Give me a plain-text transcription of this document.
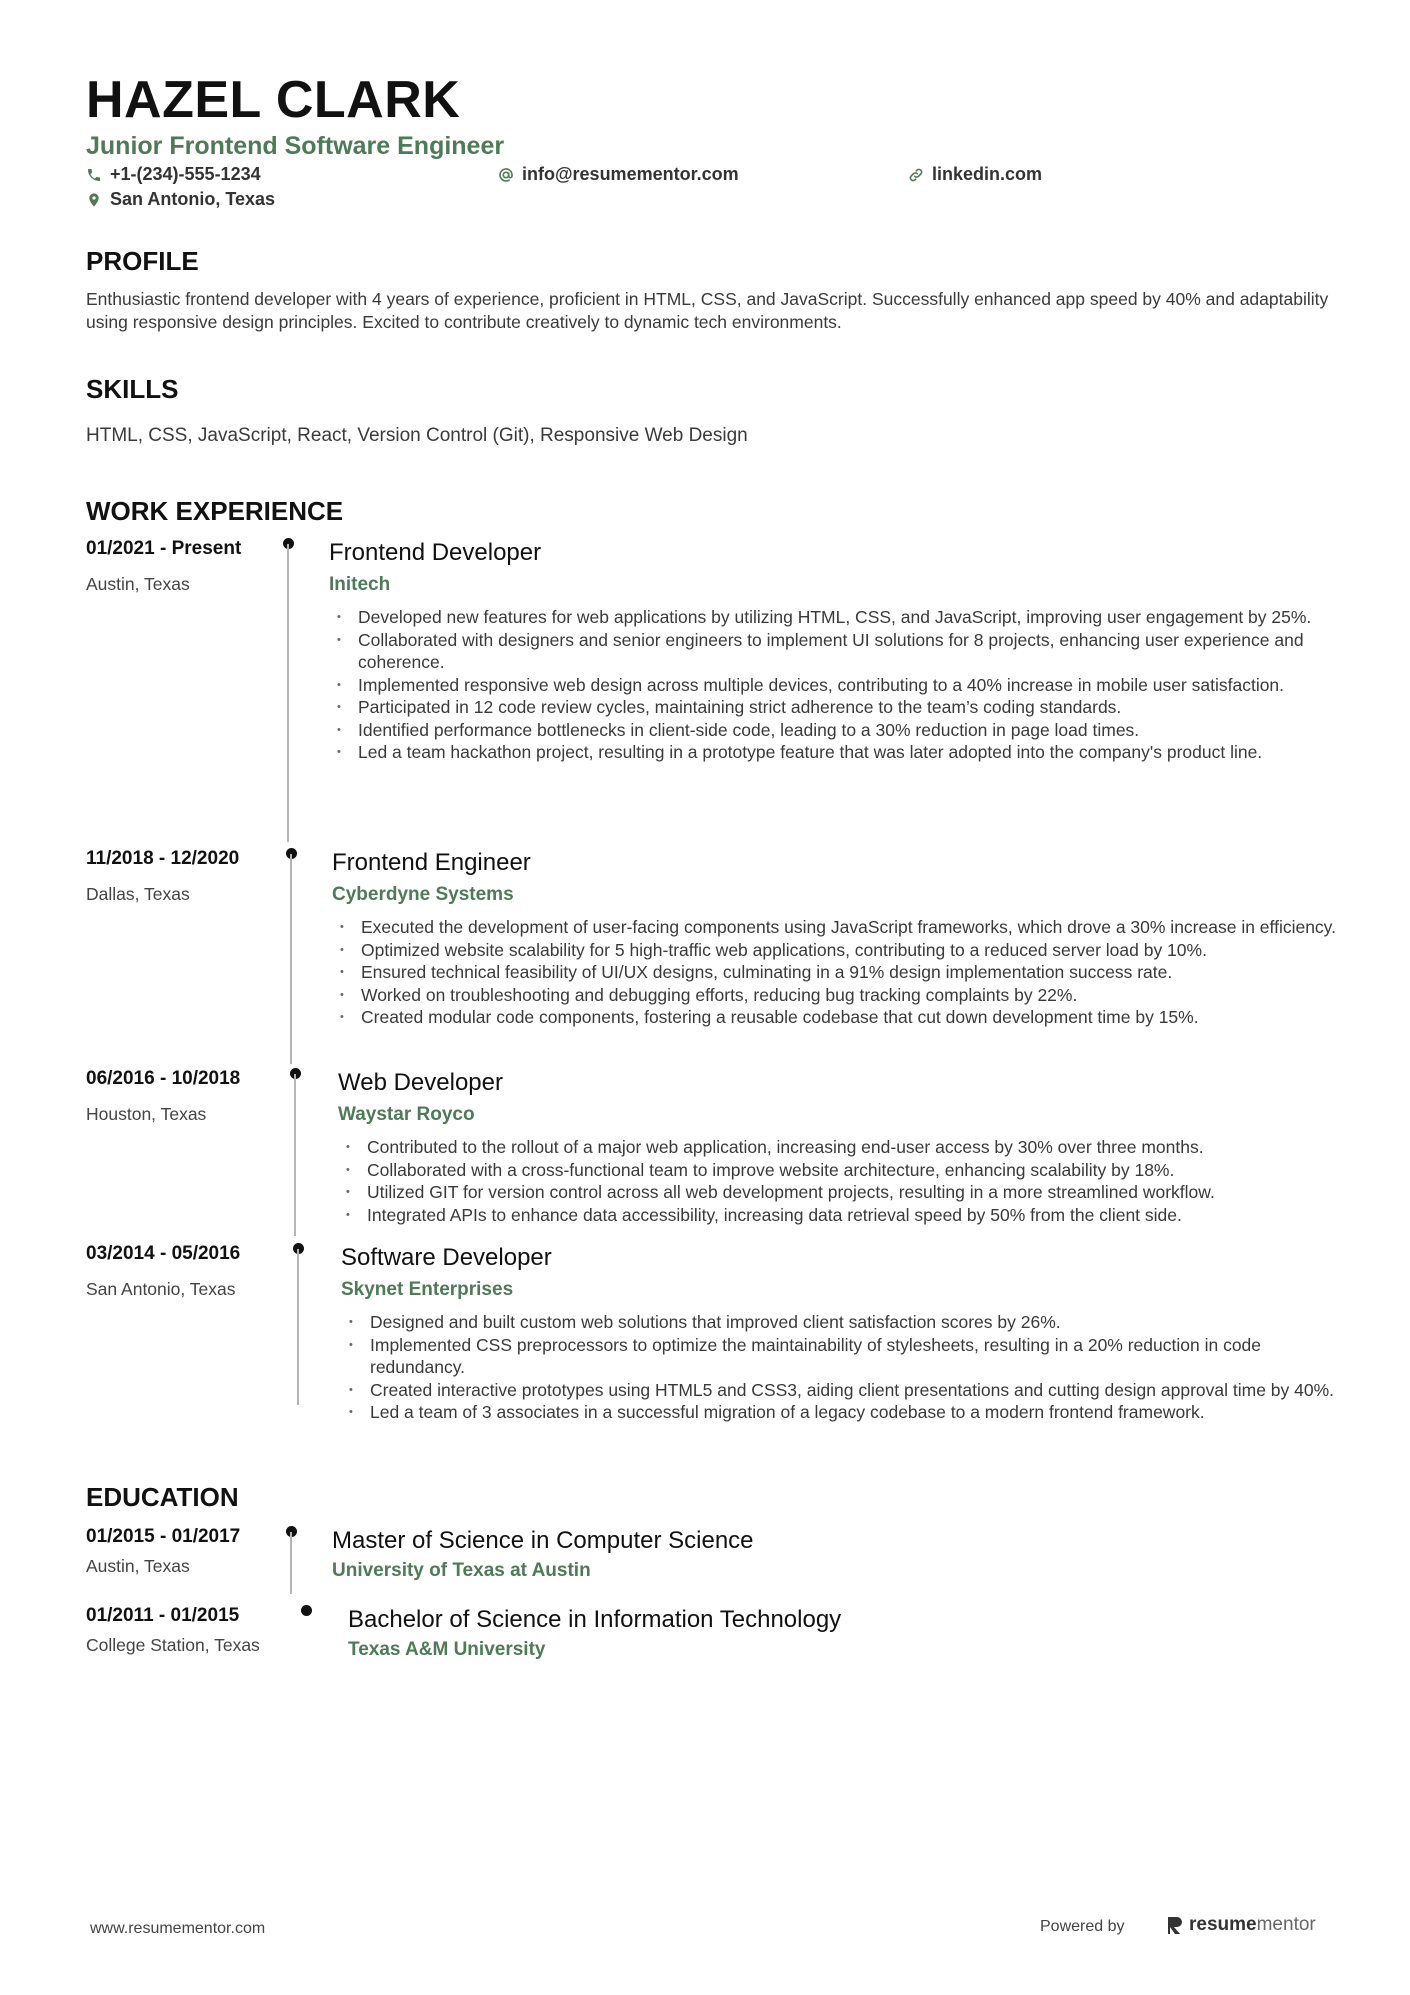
HAZEL CLARK
Junior Frontend Software Engineer
+1-(234)-555-1234	info@resumementor.com	linkedin.com
San Antonio, Texas
PROFILE

Enthusiastic frontend developer with 4 years of experience, proficient in HTML, CSS, and JavaScript. Successfully enhanced app speed by 40% and adaptability using responsive design principles. Excited to contribute creatively to dynamic tech environments.

SKILLS

HTML, CSS, JavaScript, React, Version Control (Git), Responsive Web Design

WORK EXPERIENCE
01/2021 - Present
Austin, Texas
Frontend Developer
Initech
• Developed new features for web applications by utilizing HTML, CSS, and JavaScript, improving user engagement by 25%.
• Collaborated with designers and senior engineers to implement UI solutions for 8 projects, enhancing user experience and coherence.
• Implemented responsive web design across multiple devices, contributing to a 40% increase in mobile user satisfaction.
• Participated in 12 code review cycles, maintaining strict adherence to the team’s coding standards.
• Identified performance bottlenecks in client-side code, leading to a 30% reduction in page load times.
• Led a team hackathon project, resulting in a prototype feature that was later adopted into the company's product line.
11/2018 - 12/2020
Dallas, Texas
Frontend Engineer
Cyberdyne Systems
• Executed the development of user-facing components using JavaScript frameworks, which drove a 30% increase in efficiency.
• Optimized website scalability for 5 high-traffic web applications, contributing to a reduced server load by 10%.
• Ensured technical feasibility of UI/UX designs, culminating in a 91% design implementation success rate.
• Worked on troubleshooting and debugging efforts, reducing bug tracking complaints by 22%.
• Created modular code components, fostering a reusable codebase that cut down development time by 15%.
06/2016 - 10/2018
Houston, Texas
Web Developer
Waystar Royco
• Contributed to the rollout of a major web application, increasing end-user access by 30% over three months.
• Collaborated with a cross-functional team to improve website architecture, enhancing scalability by 18%.
• Utilized GIT for version control across all web development projects, resulting in a more streamlined workflow.
• Integrated APIs to enhance data accessibility, increasing data retrieval speed by 50% from the client side.
03/2014 - 05/2016
San Antonio, Texas
Software Developer
Skynet Enterprises
• Designed and built custom web solutions that improved client satisfaction scores by 26%.
• Implemented CSS preprocessors to optimize the maintainability of stylesheets, resulting in a 20% reduction in code redundancy.
• Created interactive prototypes using HTML5 and CSS3, aiding client presentations and cutting design approval time by 40%.
• Led a team of 3 associates in a successful migration of a legacy codebase to a modern frontend framework.
EDUCATION
01/2015 - 01/2017
Austin, Texas
Master of Science in Computer Science
University of Texas at Austin
01/2011 - 01/2015
College Station, Texas
Bachelor of Science in Information Technology
Texas A&M University
www.resumementor.com	Powered by	resumementor
